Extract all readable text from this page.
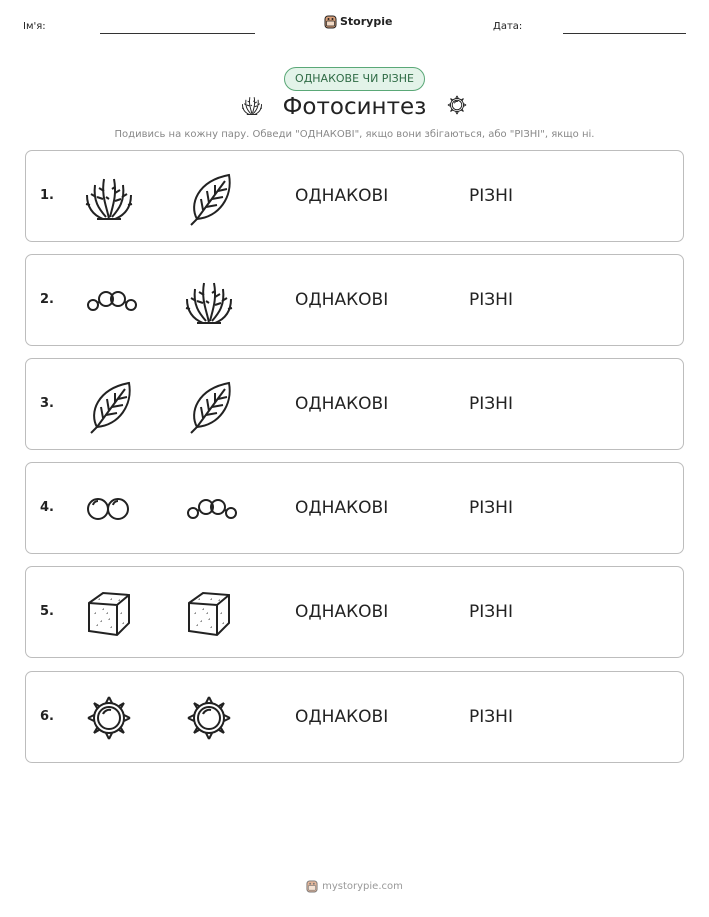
Ім'я:	Storypie	Дата:
ОДНАКОВЕ ЧИ РІЗНЕ
Фотосинтез
Подивись на кожну пару. Обведи "ОДНАКОВІ", якщо вони збігаються, або "РІЗНІ", якщо ні.
1.	ОДНАКОВІ	РІЗНІ
2.	ОДНАКОВІ	РІЗНІ
3.	ОДНАКОВІ	РІЗНІ
4.	ОДНАКОВІ	РІЗНІ
5.	ОДНАКОВІ	РІЗНІ
6.	ОДНАКОВІ	РІЗНІ
mystorypie.com
